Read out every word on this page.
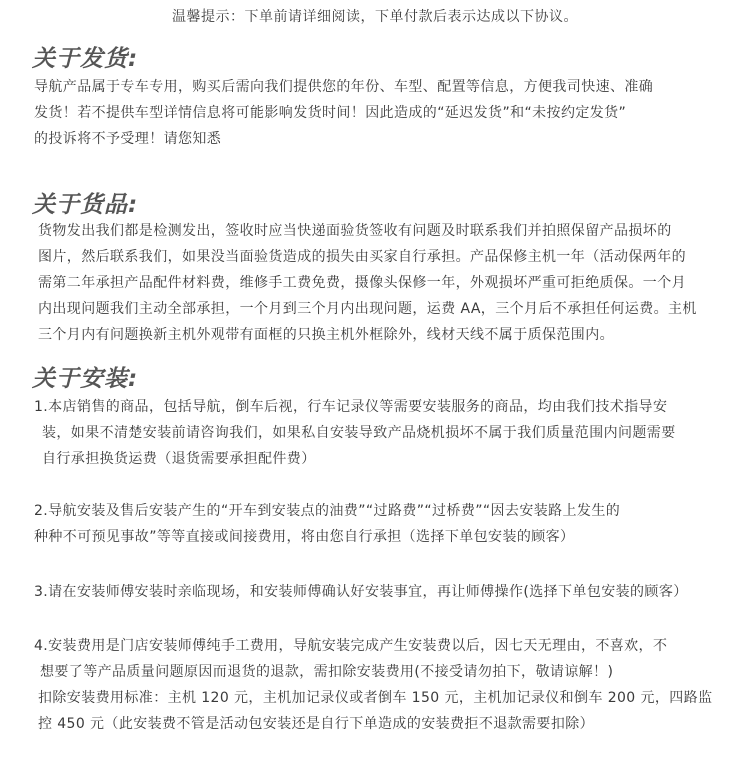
温馨提示：下单前请详细阅读，下单付款后表示达成以下协议。
关于发货:
导航产品属于专车专用，购买后需向我们提供您的年份、车型、配置等信息，方便我司快速、准确
发货！若不提供车型详情信息将可能影响发货时间！因此造成的“延迟发货”和“未按约定发货”
的投诉将不予受理！请您知悉
关于货品:
货物发出我们都是检测发出，签收时应当快递面验货签收有问题及时联系我们并拍照保留产品损坏的
图片，然后联系我们，如果没当面验货造成的损失由买家自行承担。产品保修主机一年（活动保两年的
需第二年承担产品配件材料费，维修手工费免费，摄像头保修一年，外观损坏严重可拒绝质保。一个月
内出现问题我们主动全部承担，一个月到三个月内出现问题，运费 AA，三个月后不承担任何运费。主机
三个月内有问题换新主机外观带有面框的只换主机外框除外，线材天线不属于质保范围内。
关于安装:
1.本店销售的商品，包括导航，倒车后视，行车记录仪等需要安装服务的商品，均由我们技术指导安
装，如果不清楚安装前请咨询我们，如果私自安装导致产品烧机损坏不属于我们质量范围内问题需要
自行承担换货运费（退货需要承担配件费）
2.导航安装及售后安装产生的“开车到安装点的油费”“过路费”“过桥费”“因去安装路上发生的
种种不可预见事故”等等直接或间接费用，将由您自行承担（选择下单包安装的顾客）
3.请在安装师傅安装时亲临现场，和安装师傅确认好安装事宜，再让师傅操作(选择下单包安装的顾客）
4.安装费用是门店安装师傅纯手工费用，导航安装完成产生安装费以后，因七天无理由，不喜欢，不
想要了等产品质量问题原因而退货的退款，需扣除安装费用(不接受请勿拍下，敬请谅解！)
扣除安装费用标准：主机 120 元，主机加记录仪或者倒车 150 元，主机加记录仪和倒车 200 元，四路监
控 450 元（此安装费不管是活动包安装还是自行下单造成的安装费拒不退款需要扣除）
